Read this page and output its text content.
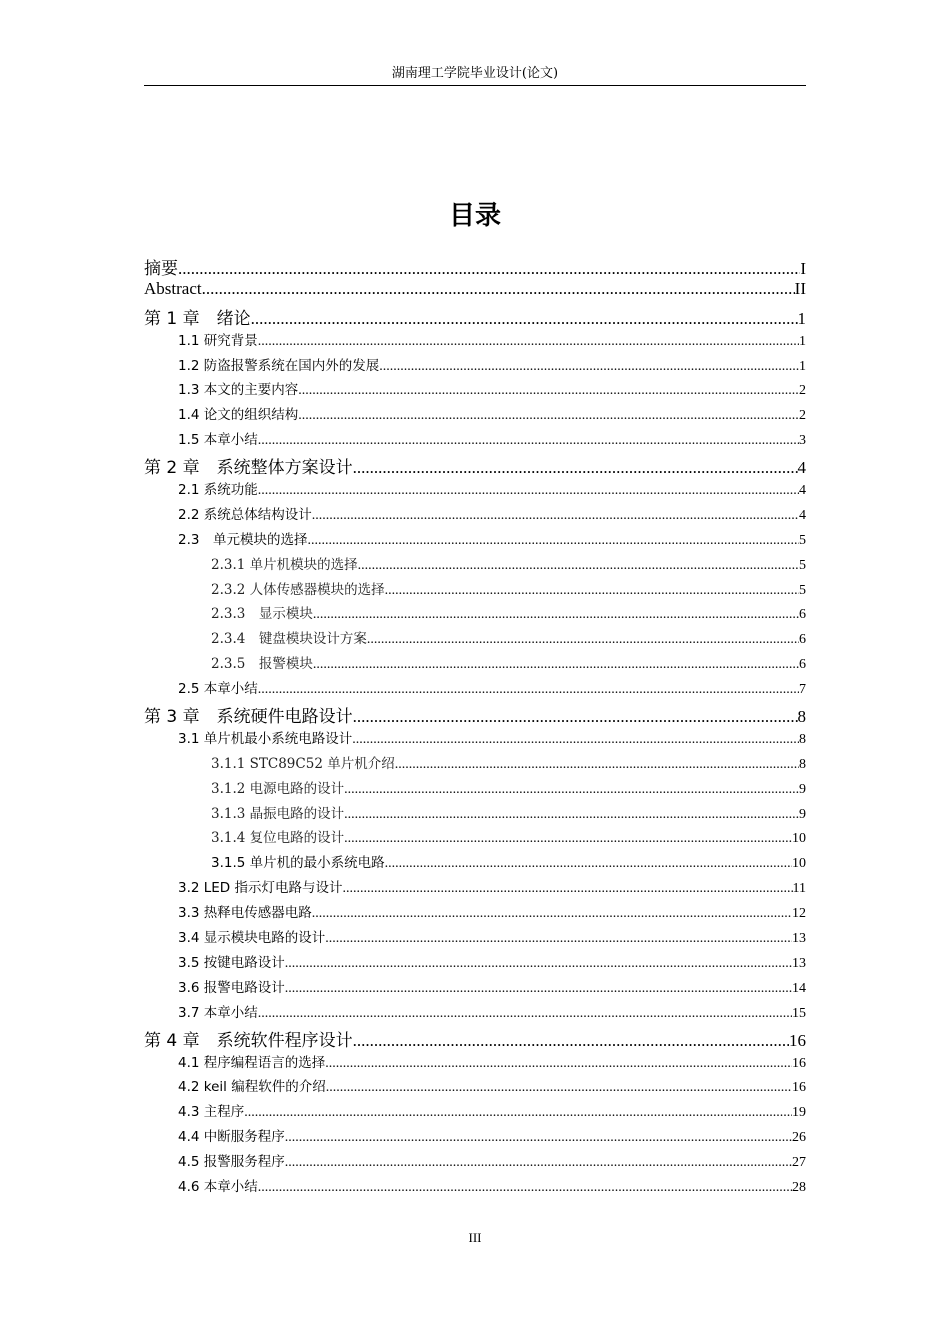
湖南理工学院毕业设计(论文)
目录
摘要 .....	I
Abstract .....	II
第 1 章　绪论 .....	1
1.1 研究背景 .....	1
1.2 防盗报警系统在国内外的发展 .....	1
1.3 本文的主要内容 .....	2
1.4 论文的组织结构 .....	2
1.5 本章小结 .....	3
第 2 章　系统整体方案设计 .....	4
2.1 系统功能 .....	4
2.2 系统总体结构设计 .....	4
2.3　单元模块的选择 .....	5
2.3.1 单片机模块的选择 .....	5
2.3.2 人体传感器模块的选择 .....	5
2.3.3　显示模块 .....	6
2.3.4　键盘模块设计方案 .....	6
2.3.5　报警模块 .....	6
2.5 本章小结 .....	7
第 3 章　系统硬件电路设计 .....	8
3.1 单片机最小系统电路设计 .....	8
3.1.1 STC89C52 单片机介绍 .....	8
3.1.2 电源电路的设计 .....	9
3.1.3 晶振电路的设计 .....	9
3.1.4 复位电路的设计 .....	10
3.1.5 单片机的最小系统电路 .....	10
3.2 LED 指示灯电路与设计 .....	11
3.3 热释电传感器电路 .....	12
3.4 显示模块电路的设计 .....	13
3.5 按键电路设计 .....	13
3.6 报警电路设计 .....	14
3.7 本章小结 .....	15
第 4 章　系统软件程序设计 .....	16
4.1 程序编程语言的选择 .....	16
4.2 keil 编程软件的介绍 .....	16
4.3 主程序 .....	19
4.4 中断服务程序 .....	26
4.5 报警服务程序 .....	27
4.6 本章小结 .....	28
III
